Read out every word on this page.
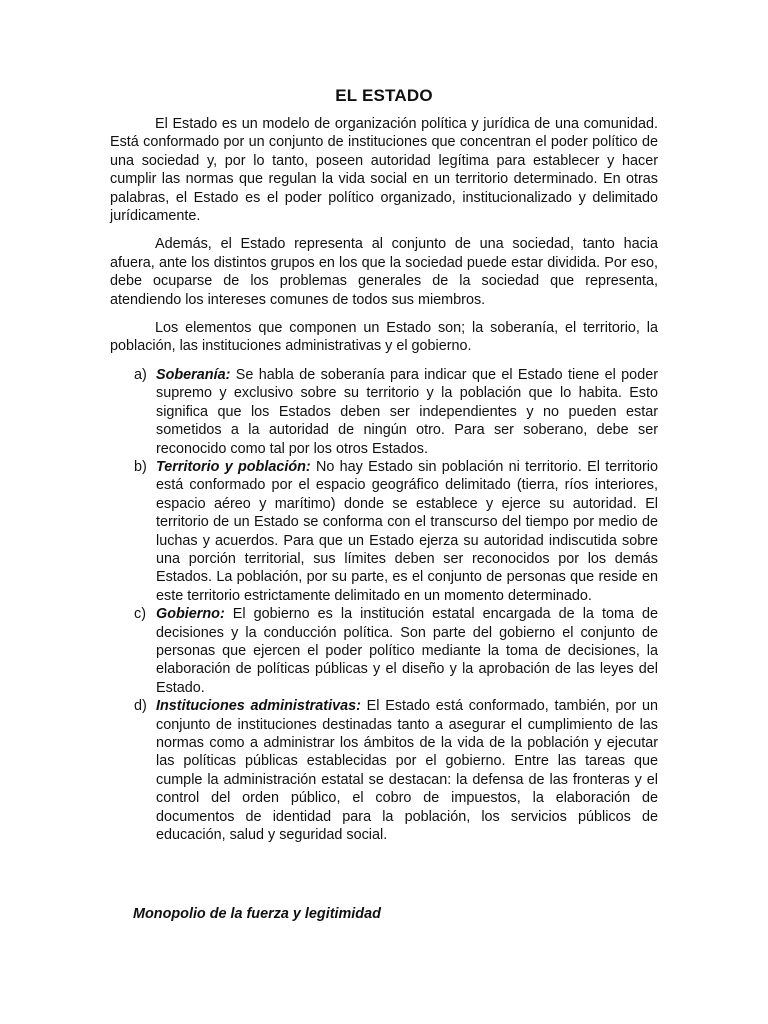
EL ESTADO

El Estado es un modelo de organización política y jurídica de una comunidad. Está conformado por un conjunto de instituciones que concentran el poder político de una sociedad y, por lo tanto, poseen autoridad legítima para establecer y hacer cumplir las normas que regulan la vida social en un territorio determinado. En otras palabras, el Estado es el poder político organizado, institucionalizado y delimitado jurídicamente.

Además, el Estado representa al conjunto de una sociedad, tanto hacia afuera, ante los distintos grupos en los que la sociedad puede estar dividida. Por eso, debe ocuparse de los problemas generales de la sociedad que representa, atendiendo los intereses comunes de todos sus miembros.

Los elementos que componen un Estado son; la soberanía, el territorio, la población, las instituciones administrativas y el gobierno.

a) Soberanía: Se habla de soberanía para indicar que el Estado tiene el poder supremo y exclusivo sobre su territorio y la población que lo habita. Esto significa que los Estados deben ser independientes y no pueden estar sometidos a la autoridad de ningún otro. Para ser soberano, debe ser reconocido como tal por los otros Estados.
b) Territorio y población: No hay Estado sin población ni territorio. El territorio está conformado por el espacio geográfico delimitado (tierra, ríos interiores, espacio aéreo y marítimo) donde se establece y ejerce su autoridad. El territorio de un Estado se conforma con el transcurso del tiempo por medio de luchas y acuerdos. Para que un Estado ejerza su autoridad indiscutida sobre una porción territorial, sus límites deben ser reconocidos por los demás Estados. La población, por su parte, es el conjunto de personas que reside en este territorio estrictamente delimitado en un momento determinado.
c) Gobierno: El gobierno es la institución estatal encargada de la toma de decisiones y la conducción política. Son parte del gobierno el conjunto de personas que ejercen el poder político mediante la toma de decisiones, la elaboración de políticas públicas y el diseño y la aprobación de las leyes del Estado.
d) Instituciones administrativas: El Estado está conformado, también, por un conjunto de instituciones destinadas tanto a asegurar el cumplimiento de las normas como a administrar los ámbitos de la vida de la población y ejecutar las políticas públicas establecidas por el gobierno. Entre las tareas que cumple la administración estatal se destacan: la defensa de las fronteras y el control del orden público, el cobro de impuestos, la elaboración de documentos de identidad para la población, los servicios públicos de educación, salud y seguridad social.
Monopolio de la fuerza y legitimidad
